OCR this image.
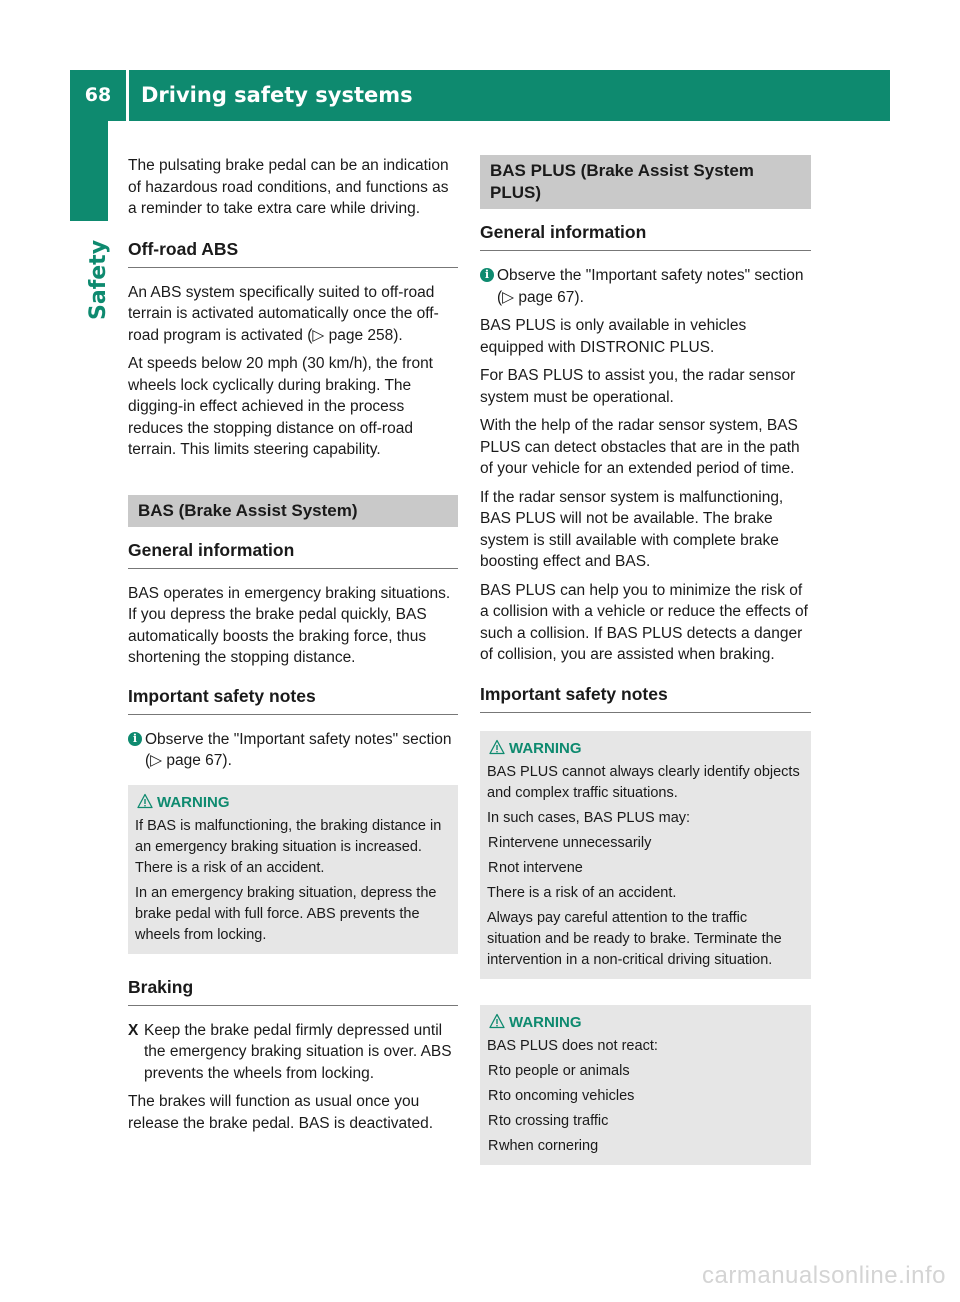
68	Driving safety systems
Safety

The pulsating brake pedal can be an indication of hazardous road conditions, and functions as a reminder to take extra care while driving.

Off-road ABS

An ABS system specifically suited to off-road terrain is activated automatically once the off-road program is activated (▷ page 258).

At speeds below 20 mph (30 km/h), the front wheels lock cyclically during braking. The digging-in effect achieved in the process reduces the stopping distance on off-road terrain. This limits steering capability.

BAS (Brake Assist System)
General information

BAS operates in emergency braking situations. If you depress the brake pedal quickly, BAS automatically boosts the braking force, thus shortening the stopping distance.

Important safety notes
i Observe the "Important safety notes" section (▷ page 67).
WARNING

If BAS is malfunctioning, the braking distance in an emergency braking situation is increased. There is a risk of an accident.

In an emergency braking situation, depress the brake pedal with full force. ABS prevents the wheels from locking.

Braking
X Keep the brake pedal firmly depressed until the emergency braking situation is over. ABS prevents the wheels from locking.

The brakes will function as usual once you release the brake pedal. BAS is deactivated.

BAS PLUS (Brake Assist System PLUS)
General information
i Observe the "Important safety notes" section (▷ page 67).

BAS PLUS is only available in vehicles equipped with DISTRONIC PLUS.

For BAS PLUS to assist you, the radar sensor system must be operational.

With the help of the radar sensor system, BAS PLUS can detect obstacles that are in the path of your vehicle for an extended period of time.

If the radar sensor system is malfunctioning, BAS PLUS will not be available. The brake system is still available with complete brake boosting effect and BAS.

BAS PLUS can help you to minimize the risk of a collision with a vehicle or reduce the effects of such a collision. If BAS PLUS detects a danger of collision, you are assisted when braking.

Important safety notes
WARNING

BAS PLUS cannot always clearly identify objects and complex traffic situations.

In such cases, BAS PLUS may:

R intervene unnecessarily
R not intervene

There is a risk of an accident.

Always pay careful attention to the traffic situation and be ready to brake. Terminate the intervention in a non-critical driving situation.

WARNING

BAS PLUS does not react:

R to people or animals
R to oncoming vehicles
R to crossing traffic
R when cornering
carmanualsonline.info
